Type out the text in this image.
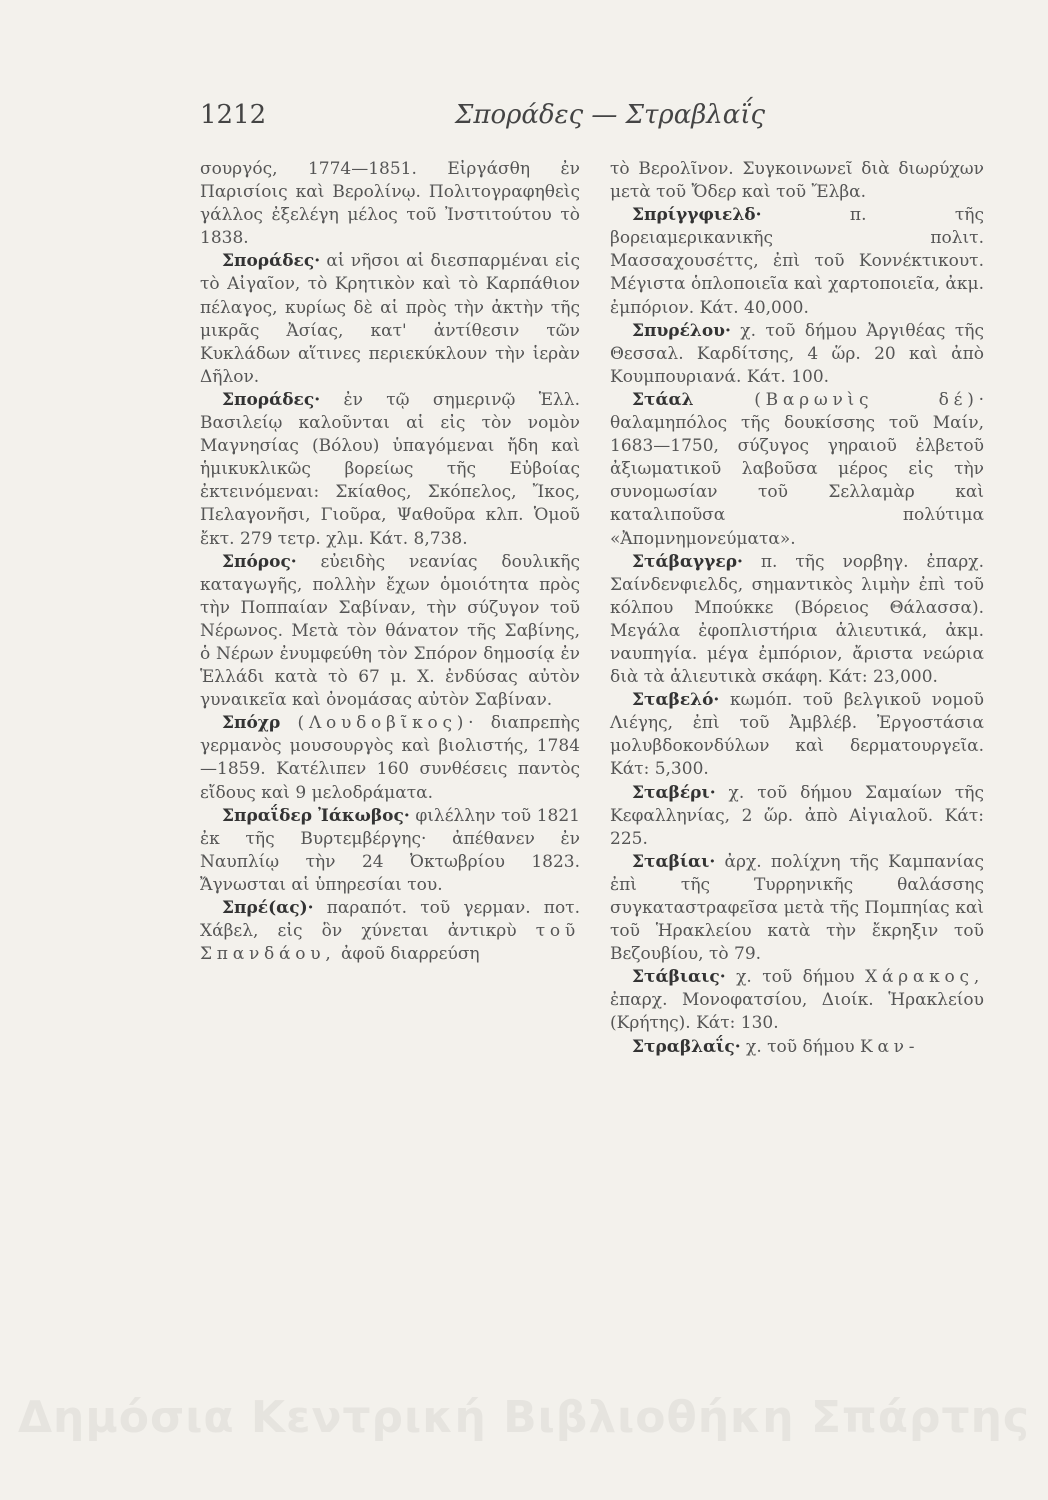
1212	Σποράδες — Στραβλαΐς

σουργός, 1774—1851. Εἰργάσθη ἐν Παρισίοις καὶ Βερολίνῳ. Πολιτογραφηθεὶς γάλλος ἐξελέγη μέλος τοῦ Ἰνστιτούτου τὸ 1838.

Σποράδες· αἱ νῆσοι αἱ διεσπαρμέναι εἰς τὸ Αἰγαῖον, τὸ Κρητικὸν καὶ τὸ Καρπάθιον πέλαγος, κυρίως δὲ αἱ πρὸς τὴν ἀκτὴν τῆς μικρᾶς Ἀσίας, κατ' ἀντίθεσιν τῶν Κυκλάδων αἵτινες περιεκύκλουν τὴν ἱερὰν Δῆλον.

Σποράδες· ἐν τῷ σημερινῷ Ἑλλ. Βασιλείῳ καλοῦνται αἱ εἰς τὸν νομὸν Μαγνησίας (Βόλου) ὑπαγόμεναι ἤδη καὶ ἡμικυκλικῶς βορείως τῆς Εὐβοίας ἐκτεινόμεναι: Σκίαθος, Σκόπελος, Ἴκος, Πελαγονῆσι, Γιοῦρα, Ψαθοῦρα κλπ. Ὁμοῦ ἔκτ. 279 τετρ. χλμ. Κάτ. 8,738.

Σπόρος· εὐειδὴς νεανίας δουλικῆς καταγωγῆς, πολλὴν ἔχων ὁμοιότητα πρὸς τὴν Ποππαίαν Σαβίναν, τὴν σύζυγον τοῦ Νέρωνος. Μετὰ τὸν θάνατον τῆς Σαβίνης, ὁ Νέρων ἐνυμφεύθη τὸν Σπόρον δημοσίᾳ ἐν Ἑλλάδι κατὰ τὸ 67 μ. Χ. ἐνδύσας αὐτὸν γυναικεῖα καὶ ὀνομάσας αὐτὸν Σαβίναν.

Σπόχρ (Λουδοβῖκος)· διαπρεπὴς γερμανὸς μουσουργὸς καὶ βιολιστής, 1784—1859. Κατέλιπεν 160 συνθέσεις παντὸς εἴδους καὶ 9 μελοδράματα.

Σπραΐδερ Ἰάκωβος· φιλέλλην τοῦ 1821 ἐκ τῆς Βυρτεμβέργης· ἀπέθανεν ἐν Ναυπλίῳ τὴν 24 Ὀκτωβρίου 1823. Ἄγνωσται αἱ ὑπηρεσίαι του.

Σπρέ(ας)· παραπότ. τοῦ γερμαν. ποτ. Χάβελ, εἰς ὃν χύνεται ἀντικρὺ τοῦ Σπανδάου, ἀφοῦ διαρρεύση

τὸ Βερολῖνον. Συγκοινωνεῖ διὰ διωρύχων μετὰ τοῦ Ὄδερ καὶ τοῦ Ἔλβα.

Σπρίγγφιελδ· π. τῆς βορειαμερικανικῆς πολιτ. Μασσαχουσέττς, ἐπὶ τοῦ Κοννέκτικουτ. Μέγιστα ὁπλοποιεῖα καὶ χαρτοποιεῖα, ἀκμ. ἐμπόριον. Κάτ. 40,000.

Σπυρέλου· χ. τοῦ δήμου Ἀργιθέας τῆς Θεσσαλ. Καρδίτσης, 4 ὥρ. 20 καὶ ἀπὸ Κουμπουριανά. Κάτ. 100.

Στάαλ	(Βαρωνὶς δέ)· θαλαμηπόλος τῆς δουκίσσης τοῦ Μαίν, 1683—1750, σύζυγος γηραιοῦ ἐλβετοῦ ἀξιωματικοῦ λαβοῦσα μέρος εἰς τὴν συνομωσίαν τοῦ Σελλαμὰρ καὶ καταλιποῦσα πολύτιμα «Ἀπομνημονεύματα».

Στάβαγγερ· π. τῆς νορβηγ. ἐπαρχ. Σαίνδενφιελδς, σημαντικὸς λιμὴν ἐπὶ τοῦ κόλπου Μπούκκε (Βόρειος Θάλασσα). Μεγάλα ἐφοπλιστήρια ἁλιευτικά, ἀκμ. ναυπηγία. μέγα ἐμπόριον, ἄριστα νεώρια διὰ τὰ ἁλιευτικὰ σκάφη. Κάτ: 23,000.

Σταβελό· κωμόπ. τοῦ βελγικοῦ νομοῦ Λιέγης, ἐπὶ τοῦ Ἀμβλέβ. Ἐργοστάσια μολυβδοκονδύλων καὶ δερματουργεῖα. Κάτ: 5,300.

Σταβέρι· χ. τοῦ δήμου Σαμαίων τῆς Κεφαλληνίας, 2 ὥρ. ἀπὸ Αἰγιαλοῦ. Κάτ: 225.

Σταβίαι· ἀρχ. πολίχνη τῆς Καμπανίας ἐπὶ τῆς Τυρρηνικῆς θαλάσσης συγκαταστραφεῖσα μετὰ τῆς Πομπηίας καὶ τοῦ Ἡρακλείου κατὰ τὴν ἔκρηξιν τοῦ Βεζουβίου, τὸ 79.

Στάβιαις· χ. τοῦ δήμου Χάρακος, ἐπαρχ. Μονοφατσίου, Διοίκ. Ἡρακλείου (Κρήτης). Κάτ: 130.

Στραβλαΐς· χ. τοῦ δήμου Καν-

Δημόσια Κεντρική Βιβλιοθήκη Σπάρτης
